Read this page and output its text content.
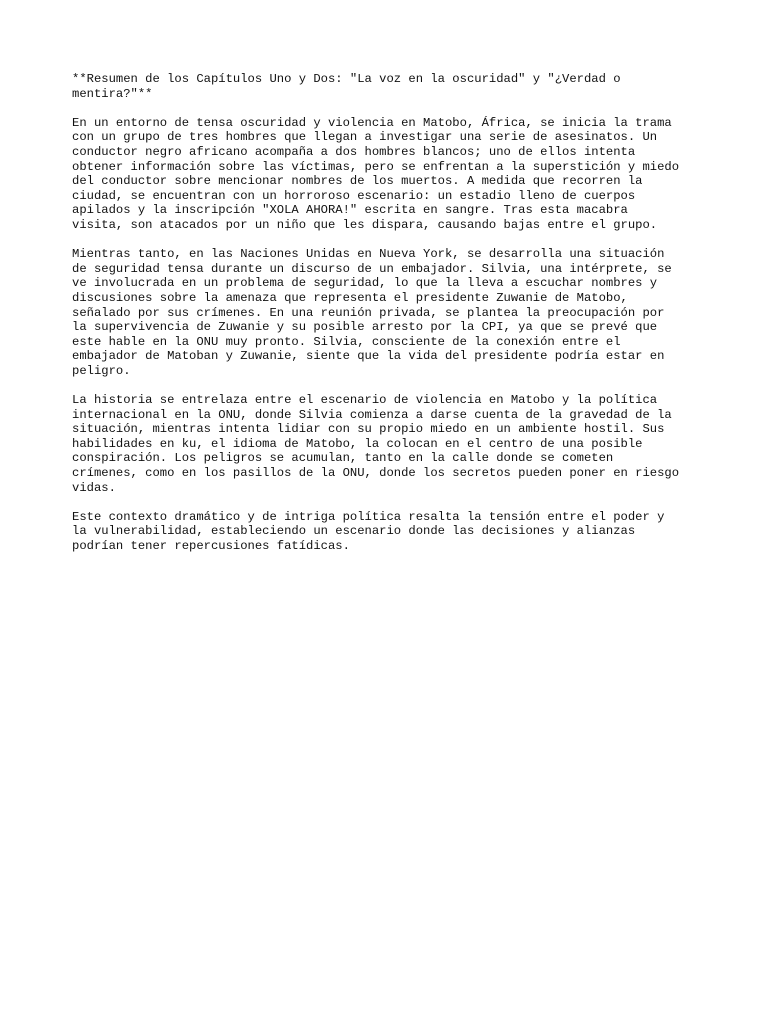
**Resumen de los Capítulos Uno y Dos: "La voz en la oscuridad" y "¿Verdad o
mentira?"**

En un entorno de tensa oscuridad y violencia en Matobo, África, se inicia la trama
con un grupo de tres hombres que llegan a investigar una serie de asesinatos. Un
conductor negro africano acompaña a dos hombres blancos; uno de ellos intenta
obtener información sobre las víctimas, pero se enfrentan a la superstición y miedo
del conductor sobre mencionar nombres de los muertos. A medida que recorren la
ciudad, se encuentran con un horroroso escenario: un estadio lleno de cuerpos
apilados y la inscripción "XOLA AHORA!" escrita en sangre. Tras esta macabra
visita, son atacados por un niño que les dispara, causando bajas entre el grupo.

Mientras tanto, en las Naciones Unidas en Nueva York, se desarrolla una situación
de seguridad tensa durante un discurso de un embajador. Silvia, una intérprete, se
ve involucrada en un problema de seguridad, lo que la lleva a escuchar nombres y
discusiones sobre la amenaza que representa el presidente Zuwanie de Matobo,
señalado por sus crímenes. En una reunión privada, se plantea la preocupación por
la supervivencia de Zuwanie y su posible arresto por la CPI, ya que se prevé que
este hable en la ONU muy pronto. Silvia, consciente de la conexión entre el
embajador de Matoban y Zuwanie, siente que la vida del presidente podría estar en
peligro.

La historia se entrelaza entre el escenario de violencia en Matobo y la política
internacional en la ONU, donde Silvia comienza a darse cuenta de la gravedad de la
situación, mientras intenta lidiar con su propio miedo en un ambiente hostil. Sus
habilidades en ku, el idioma de Matobo, la colocan en el centro de una posible
conspiración. Los peligros se acumulan, tanto en la calle donde se cometen
crímenes, como en los pasillos de la ONU, donde los secretos pueden poner en riesgo
vidas.

Este contexto dramático y de intriga política resalta la tensión entre el poder y
la vulnerabilidad, estableciendo un escenario donde las decisiones y alianzas
podrían tener repercusiones fatídicas.
